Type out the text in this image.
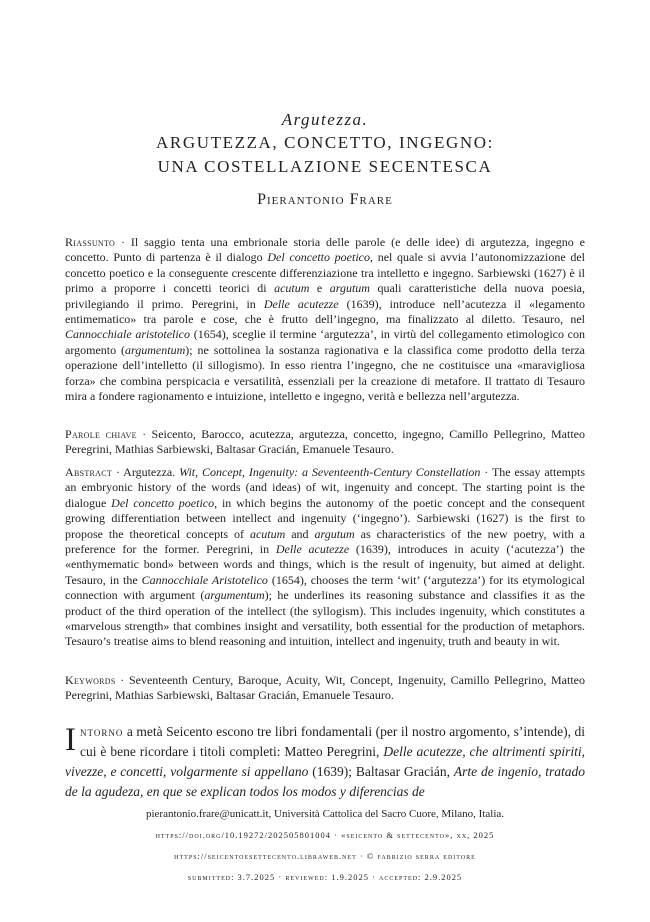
Argutezza.
ARGUTEZZA, CONCETTO, INGEGNO:
UNA COSTELLAZIONE SECENTESCA
Pierantonio Frare

Riassunto · Il saggio tenta una embrionale storia delle parole (e delle idee) di argutezza, ingegno e concetto. Punto di partenza è il dialogo Del concetto poetico, nel quale si avvia l’autonomizzazione del concetto poetico e la conseguente crescente differenziazione tra intelletto e ingegno. Sarbiewski (1627) è il primo a proporre i concetti teorici di acutum e argutum quali caratteristiche della nuova poesia, privilegiando il primo. Peregrini, in Delle acutezze (1639), introduce nell’acutezza il «legamento entimematico» tra parole e cose, che è frutto dell’ingegno, ma finalizzato al diletto. Tesauro, nel Cannocchiale aristotelico (1654), sceglie il termine ‘argutezza’, in virtù del collegamento etimologico con argomento (argumentum); ne sottolinea la sostanza ragionativa e la classifica come prodotto della terza operazione dell’intelletto (il sillogismo). In esso rientra l’ingegno, che ne costituisce una «maravigliosa forza» che combina perspicacia e versatilità, essenziali per la creazione di metafore. Il trattato di Tesauro mira a fondere ragionamento e intuizione, intelletto e ingegno, verità e bellezza nell’argutezza.

Parole chiave · Seicento, Barocco, acutezza, argutezza, concetto, ingegno, Camillo Pellegrino, Matteo Peregrini, Mathias Sarbiewski, Baltasar Gracián, Emanuele Tesauro.

Abstract · Argutezza. Wit, Concept, Ingenuity: a Seventeenth-Century Constellation · The essay attempts an embryonic history of the words (and ideas) of wit, ingenuity and concept. The starting point is the dialogue Del concetto poetico, in which begins the autonomy of the poetic concept and the consequent growing differentiation between intellect and ingenuity (‘ingegno’). Sarbiewski (1627) is the first to propose the theoretical concepts of acutum and argutum as characteristics of the new poetry, with a preference for the former. Peregrini, in Delle acutezze (1639), introduces in acuity (‘acutezza’) the «enthymematic bond» between words and things, which is the result of ingenuity, but aimed at delight. Tesauro, in the Cannocchiale Aristotelico (1654), chooses the term ‘wit’ (‘argutezza’) for its etymological connection with argument (argumentum); he underlines its reasoning substance and classifies it as the product of the third operation of the intellect (the syllogism). This includes ingenuity, which constitutes a «marvelous strength» that combines insight and versatility, both essential for the production of metaphors. Tesauro’s treatise aims to blend reasoning and intuition, intellect and ingenuity, truth and beauty in wit.

Keywords · Seventeenth Century, Baroque, Acuity, Wit, Concept, Ingenuity, Camillo Pellegrino, Matteo Peregrini, Mathias Sarbiewski, Baltasar Gracián, Emanuele Tesauro.

Intorno a metà Seicento escono tre libri fondamentali (per il nostro argomento, s’intende), di cui è bene ricordare i titoli completi: Matteo Peregrini, Delle acutezze, che altrimenti spiriti, vivezze, e concetti, volgarmente si appellano (1639); Baltasar Gracián, Arte de ingenio, tratado de la agudeza, en que se explican todos los modos y diferencias de
pierantonio.frare@unicatt.it, Università Cattolica del Sacro Cuore, Milano, Italia.
https://doi.org/10.19272/202505801004 · «seicento & settecento», xx, 2025
https://seicentoesettecento.libraweb.net · © fabrizio serra editore
submitted: 3.7.2025 · reviewed: 1.9.2025 · accepted: 2.9.2025
